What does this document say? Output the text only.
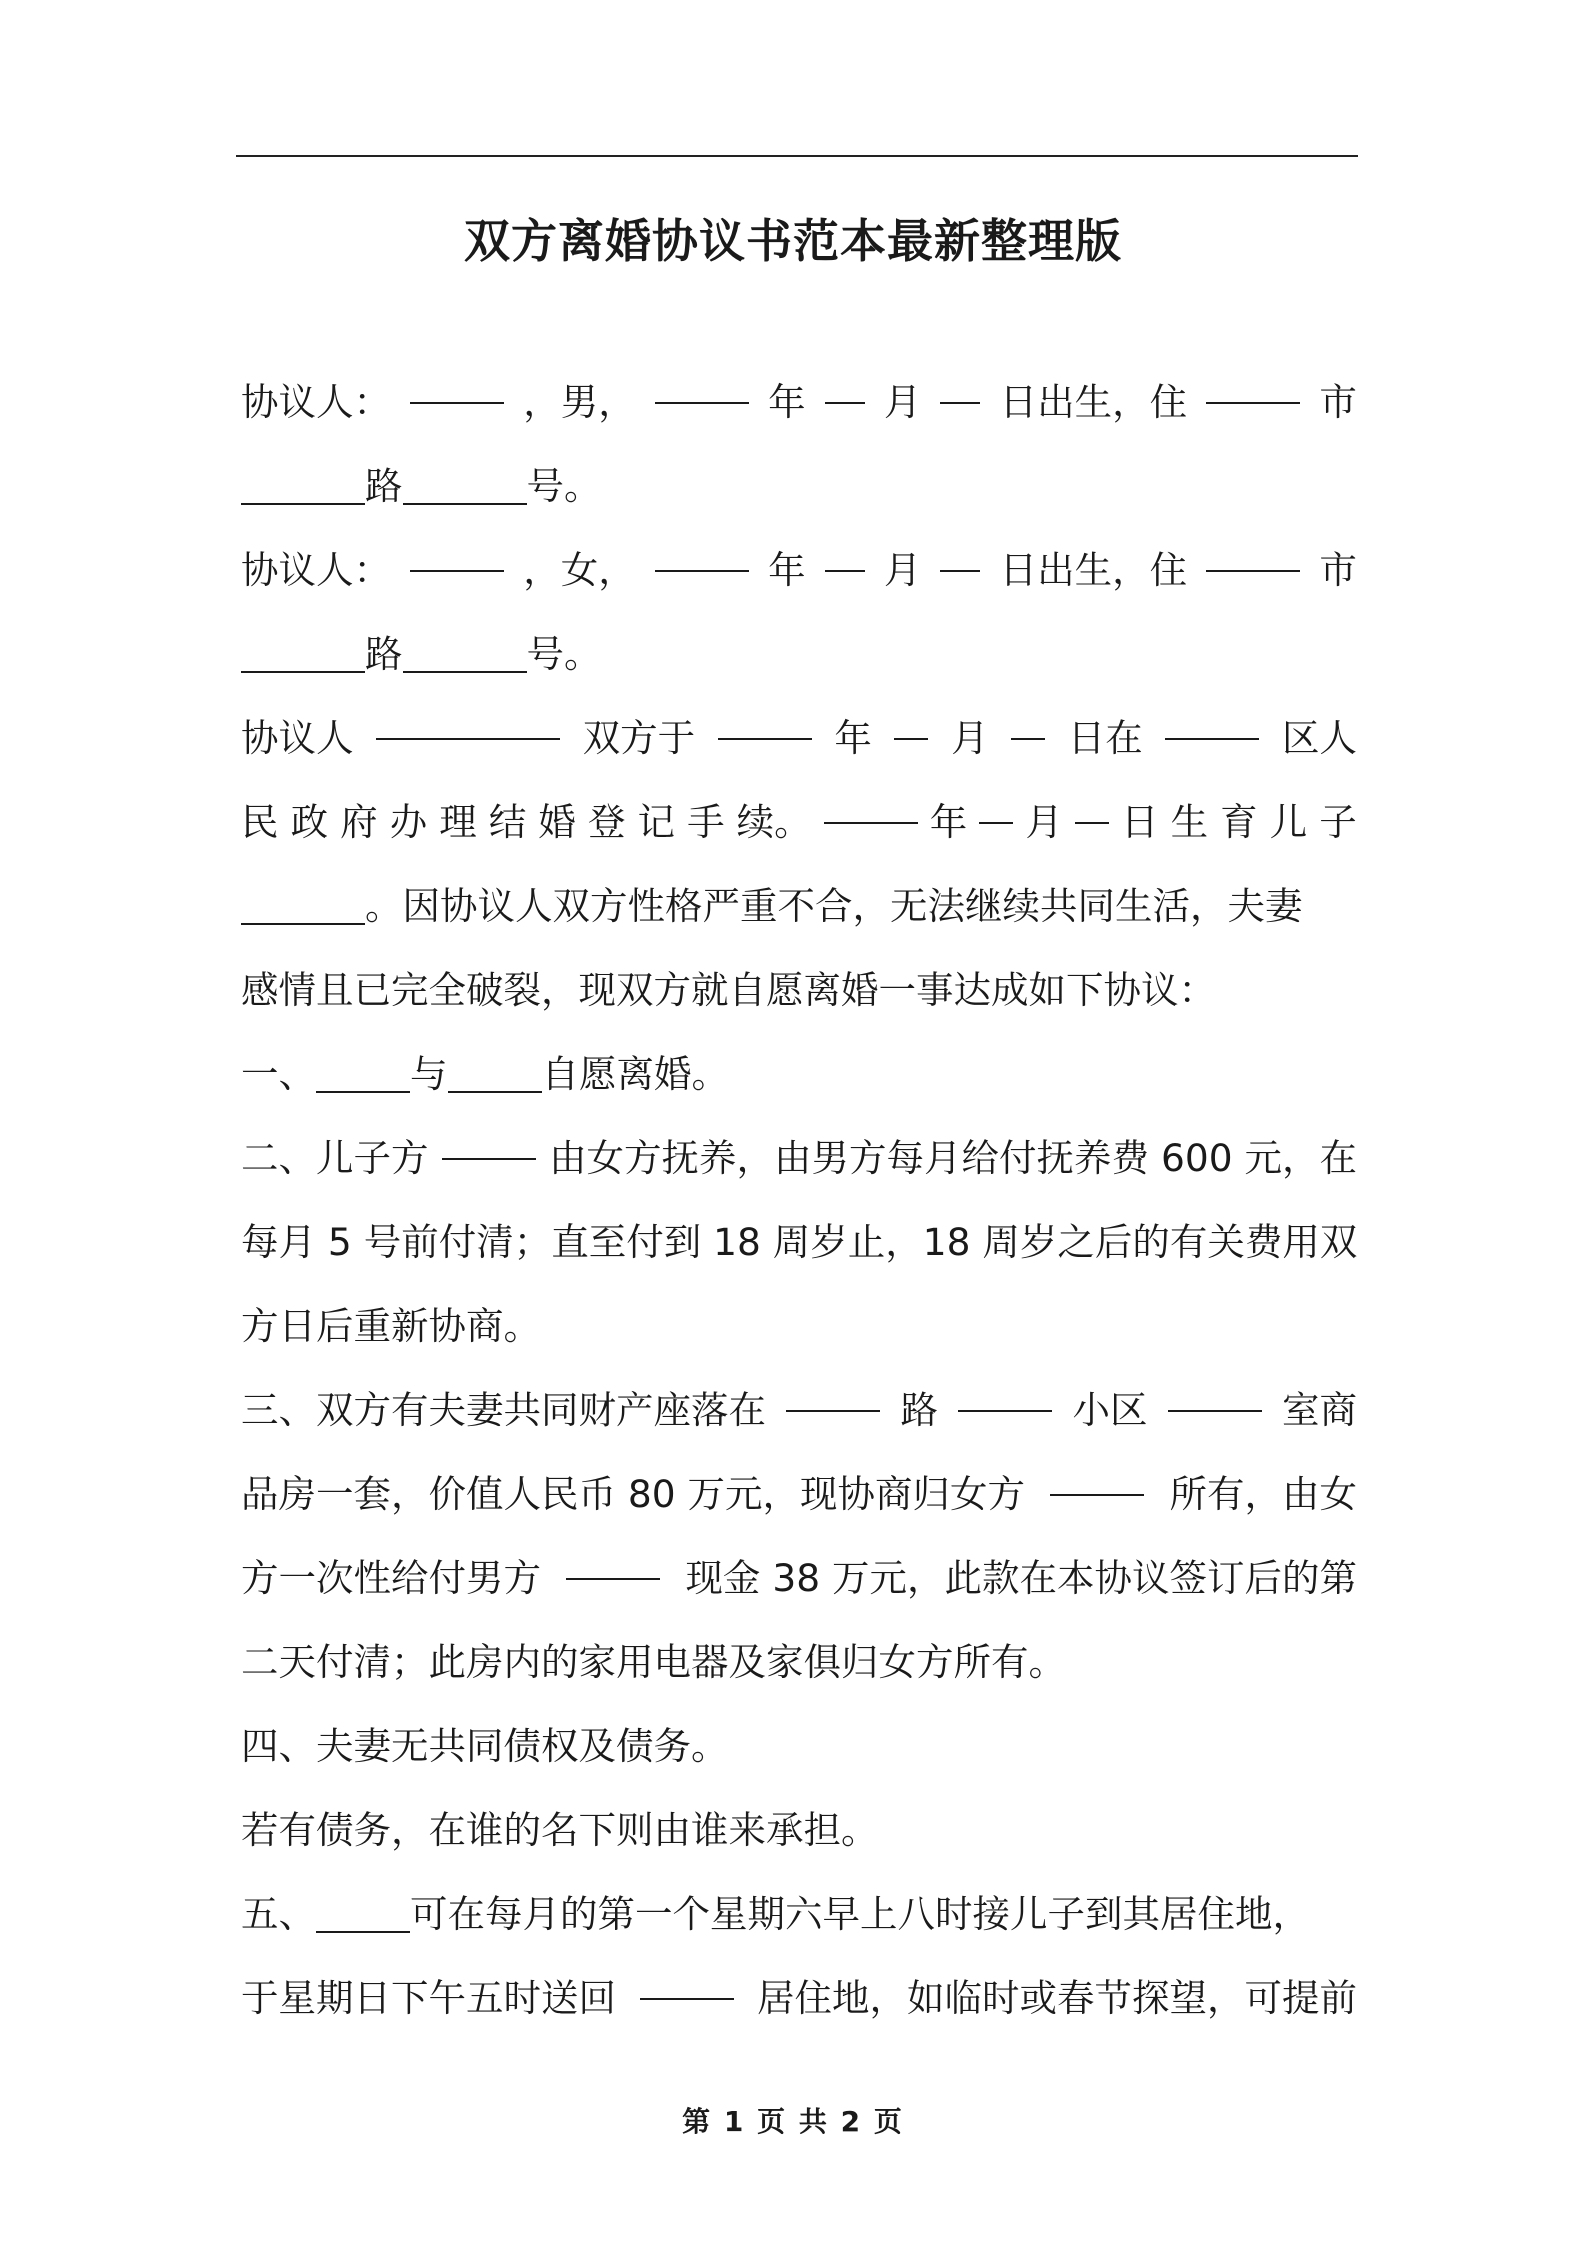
双方离婚协议书范本最新整理版
协议人：	，男，	年 月 日出生，住	市
路	号。
协议人：	，女，	年 月 日出生，住	市
路	号。
协议人	双方于	年 月 日在	区人
民 政 府 办 理 结 婚 登 记 手 续。	年 月 日 生 育 儿 子
。因协议人双方性格严重不合，无法继续共同生活，夫妻
感情且已完全破裂，现双方就自愿离婚一事达成如下协议：
一、	与	自愿离婚。
二、儿子方	由女方抚养，由男方每月给付抚养费 600 元，在
每月 5 号前付清；直至付到 18 周岁止，18 周岁之后的有关费用双
方日后重新协商。
三、双方有夫妻共同财产座落在	路	小区	室商
品房一套，价值人民币 80 万元，现协商归女方	所有，由女
方一次性给付男方	现金 38 万元，此款在本协议签订后的第
二天付清；此房内的家用电器及家俱归女方所有。
四、夫妻无共同债权及债务。
若有债务，在谁的名下则由谁来承担。
五、	可在每月的第一个星期六早上八时接儿子到其居住地，
于星期日下午五时送回	居住地，如临时或春节探望，可提前
第 1 页 共 2 页
